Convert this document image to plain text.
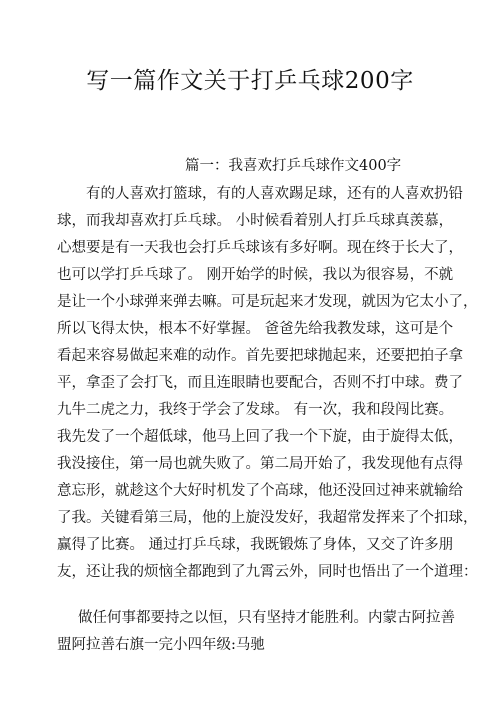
写一篇作文关于打乒乓球200字
篇一：我喜欢打乒乓球作文400字
有的人喜欢打篮球，有的人喜欢踢足球，还有的人喜欢扔铅
球，而我却喜欢打乒乓球。 小时候看着别人打乒乓球真羡慕，
心想要是有一天我也会打乒乓球该有多好啊。现在终于长大了，
也可以学打乒乓球了。 刚开始学的时候，我以为很容易，不就
是让一个小球弹来弹去嘛。可是玩起来才发现，就因为它太小了，
所以飞得太快，根本不好掌握。 爸爸先给我教发球，这可是个
看起来容易做起来难的动作。首先要把球抛起来，还要把拍子拿
平，拿歪了会打飞，而且连眼睛也要配合，否则不打中球。费了
九牛二虎之力，我终于学会了发球。 有一次，我和段闯比赛。
我先发了一个超低球，他马上回了我一个下旋，由于旋得太低，
我没接住，第一局也就失败了。第二局开始了，我发现他有点得
意忘形，就趁这个大好时机发了个高球，他还没回过神来就输给
了我。关键看第三局，他的上旋没发好，我超常发挥来了个扣球，
赢得了比赛。 通过打乒乓球，我既锻炼了身体，又交了许多朋
友，还让我的烦恼全都跑到了九霄云外，同时也悟出了一个道理：
做任何事都要持之以恒，只有坚持才能胜利。内蒙古阿拉善
盟阿拉善右旗一完小四年级:马驰
